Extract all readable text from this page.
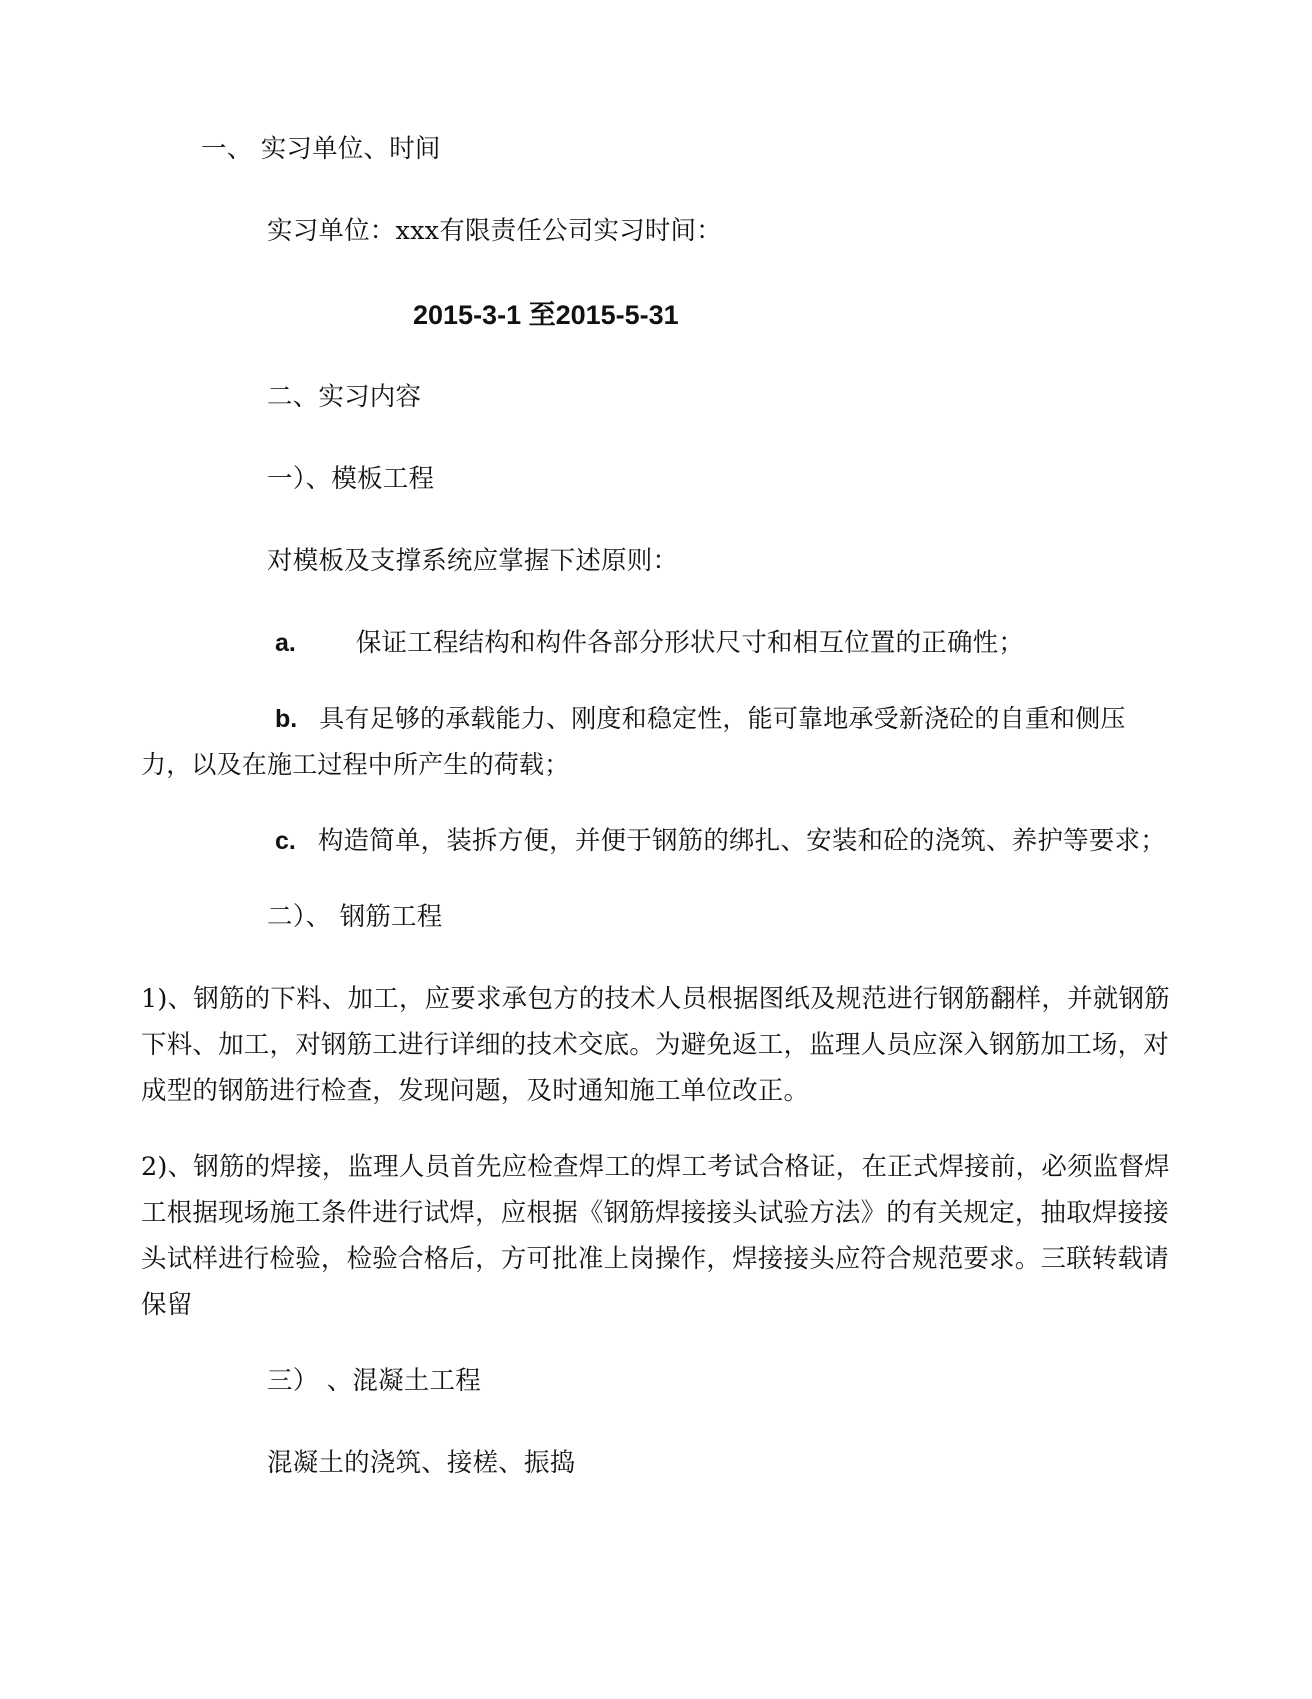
一、 实习单位、时间

实习单位：xxx有限责任公司实习时间：

2015-3-1 至2015-5-31

二、实习内容

一）、模板工程

对模板及支撑系统应掌握下述原则：

a. 保证工程结构和构件各部分形状尺寸和相互位置的正确性；

b. 具有足够的承载能力、刚度和稳定性，能可靠地承受新浇砼的自重和侧压力，以及在施工过程中所产生的荷载；

c. 构造简单，装拆方便，并便于钢筋的绑扎、安装和砼的浇筑、养护等要求；

二）、 钢筋工程

1)、钢筋的下料、加工，应要求承包方的技术人员根据图纸及规范进行钢筋翻样，并就钢筋下料、加工，对钢筋工进行详细的技术交底。为避免返工，监理人员应深入钢筋加工场，对成型的钢筋进行检查，发现问题，及时通知施工单位改正。

2)、钢筋的焊接，监理人员首先应检查焊工的焊工考试合格证，在正式焊接前，必须监督焊工根据现场施工条件进行试焊，应根据《钢筋焊接接头试验方法》的有关规定，抽取焊接接头试样进行检验，检验合格后，方可批准上岗操作，焊接接头应符合规范要求。三联转载请保留

三） 、混凝土工程

混凝土的浇筑、接槎、振捣
